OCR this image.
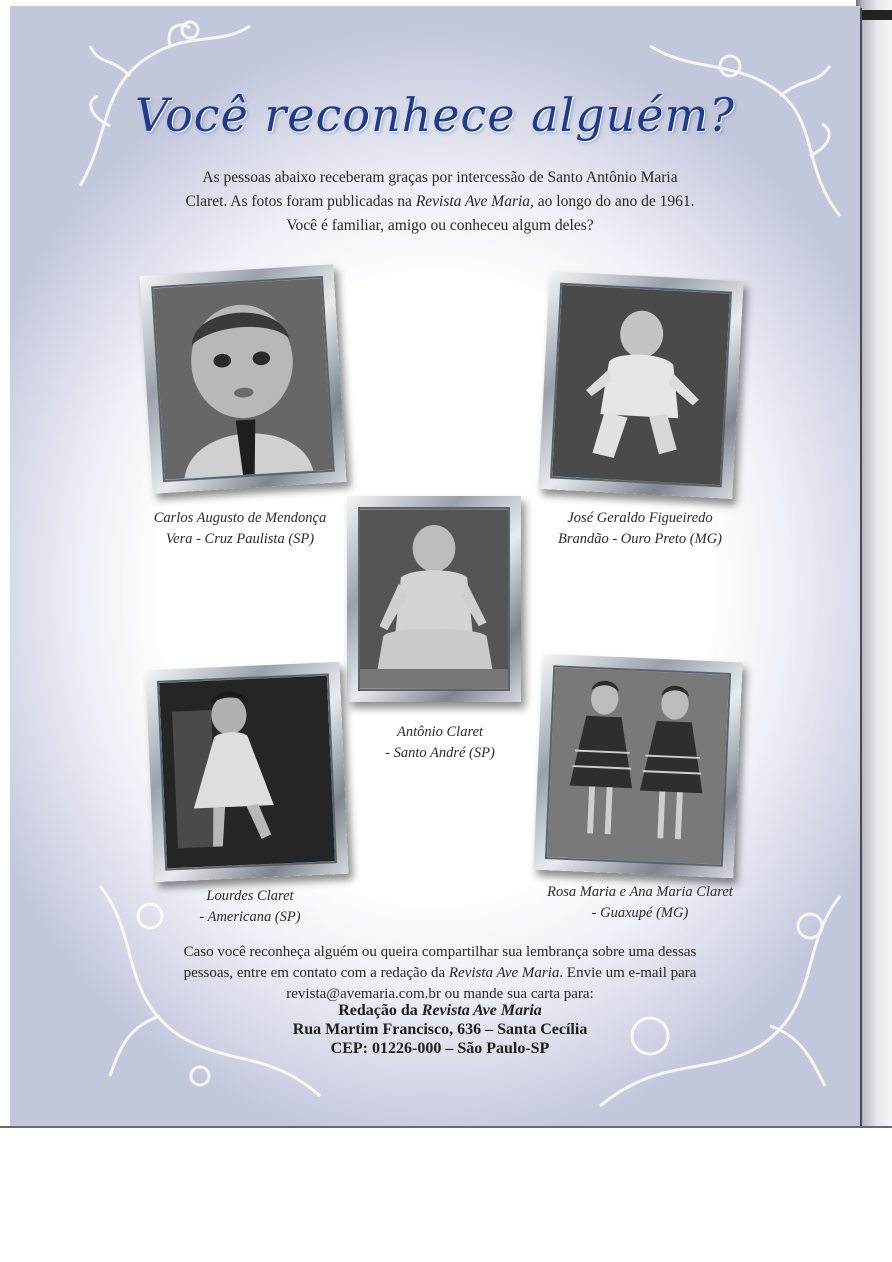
Você reconhece alguém?
As pessoas abaixo receberam graças por intercessão de Santo Antônio Maria Claret. As fotos foram publicadas na Revista Ave Maria, ao longo do ano de 1961. Você é familiar, amigo ou conheceu algum deles?
Carlos Augusto de Mendonça
Vera - Cruz Paulista (SP)
José Geraldo Figueiredo
Brandão - Ouro Preto (MG)
Antônio Claret
- Santo André (SP)
Lourdes Claret
- Americana (SP)
Rosa Maria e Ana Maria Claret
- Guaxupé (MG)
Caso você reconheça alguém ou queira compartilhar sua lembrança sobre uma dessas pessoas, entre em contato com a redação da Revista Ave Maria. Envie um e-mail para revista@avemaria.com.br ou mande sua carta para:
Redação da Revista Ave Maria
Rua Martim Francisco, 636 – Santa Cecília
CEP: 01226-000 – São Paulo-SP
